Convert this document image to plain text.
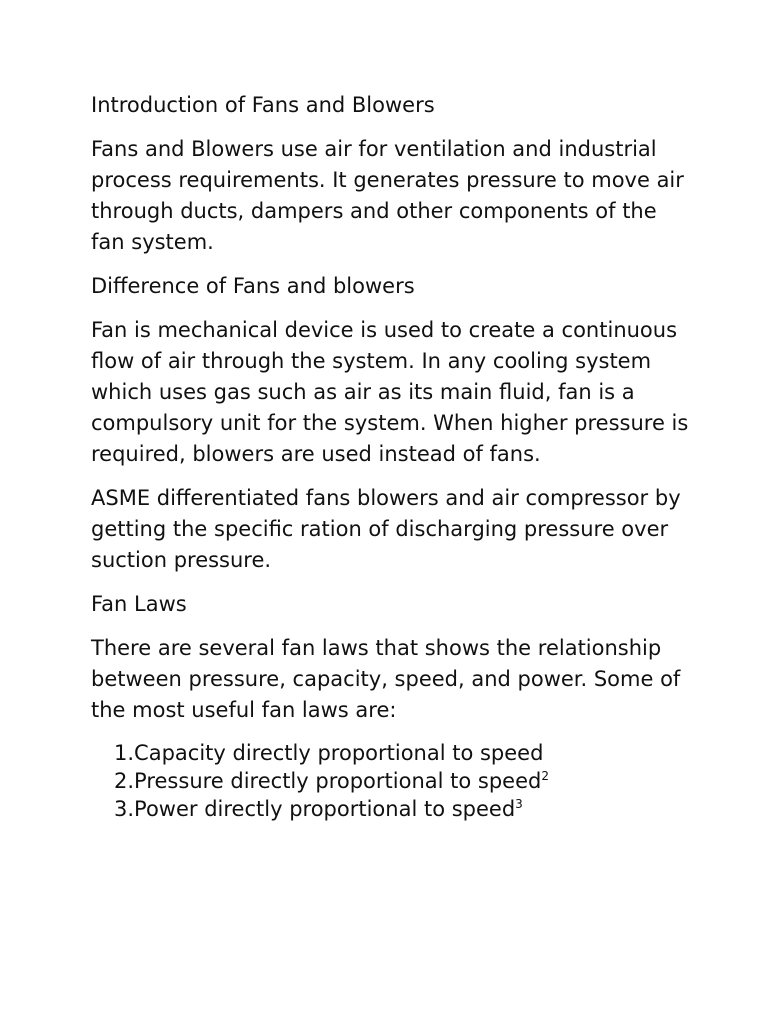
Introduction of Fans and Blowers

Fans and Blowers use air for ventilation and industrial process requirements. It generates pressure to move air through ducts, dampers and other components of the fan system.

Difference of Fans and blowers

Fan is mechanical device is used to create a continuous flow of air through the system. In any cooling system which uses gas such as air as its main fluid, fan is a compulsory unit for the system. When higher pressure is required, blowers are used instead of fans.

ASME differentiated fans blowers and air compressor by getting the specific ration of discharging pressure over suction pressure.

Fan Laws

There are several fan laws that shows the relationship between pressure, capacity, speed, and power. Some of the most useful fan laws are:

1.Capacity directly proportional to speed
2.Pressure directly proportional to speed$^2$
3.Power directly proportional to speed$^3$
